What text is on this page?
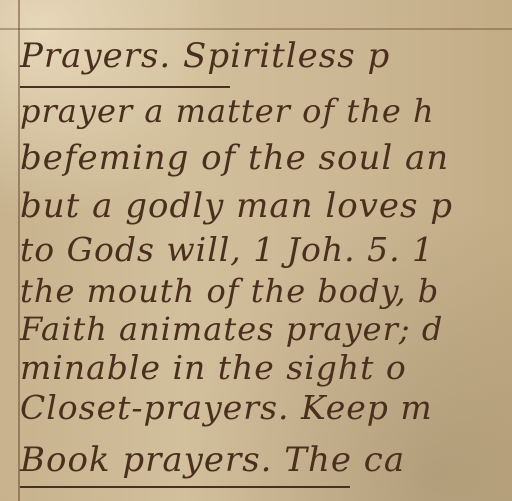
Prayers. Spiritless p
prayer a matter of the h
befeming of the soul an
but a godly man loves p
to Gods will, 1 Joh. 5. 1
the mouth of the body, b
Faith animates prayer; d
minable in the sight o
Closet-prayers. Keep m
Book prayers. The ca
